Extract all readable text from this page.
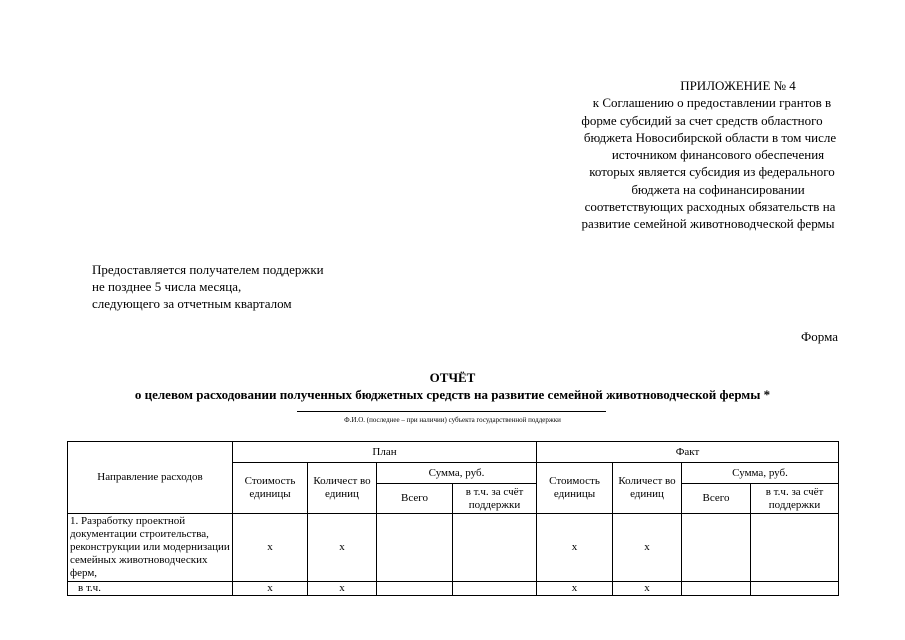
ПРИЛОЖЕНИЕ № 4
к Соглашению о предоставлении грантов в
форме субсидий за счет средств областного
бюджета Новосибирской области в том числе
источником финансового обеспечения
которых является субсидия из федерального
бюджета на софинансировании
соответствующих расходных обязательств на
развитие семейной животноводческой фермы
Предоставляется получателем поддержки
не позднее 5 числа месяца,
следующего за отчетным кварталом
Форма
ОТЧЁТ
о целевом расходовании полученных бюджетных средств на развитие семейной животноводческой фермы *
Ф.И.О. (последнее – при наличии) субъекта государственной поддержки
Направление расходов	План				Факт			
	Стоимость единицы	Количест во единиц	Сумма, руб.		Стоимость единицы	Количест во единиц	Сумма, руб.	
			Всего	в т.ч. за счёт поддержки			Всего	в т.ч. за счёт поддержки
1. Разработку проектной документации строительства, реконструкции или модернизации семейных животноводческих ферм,	х	х			х	х		
в т.ч.	х	х			х	х		
